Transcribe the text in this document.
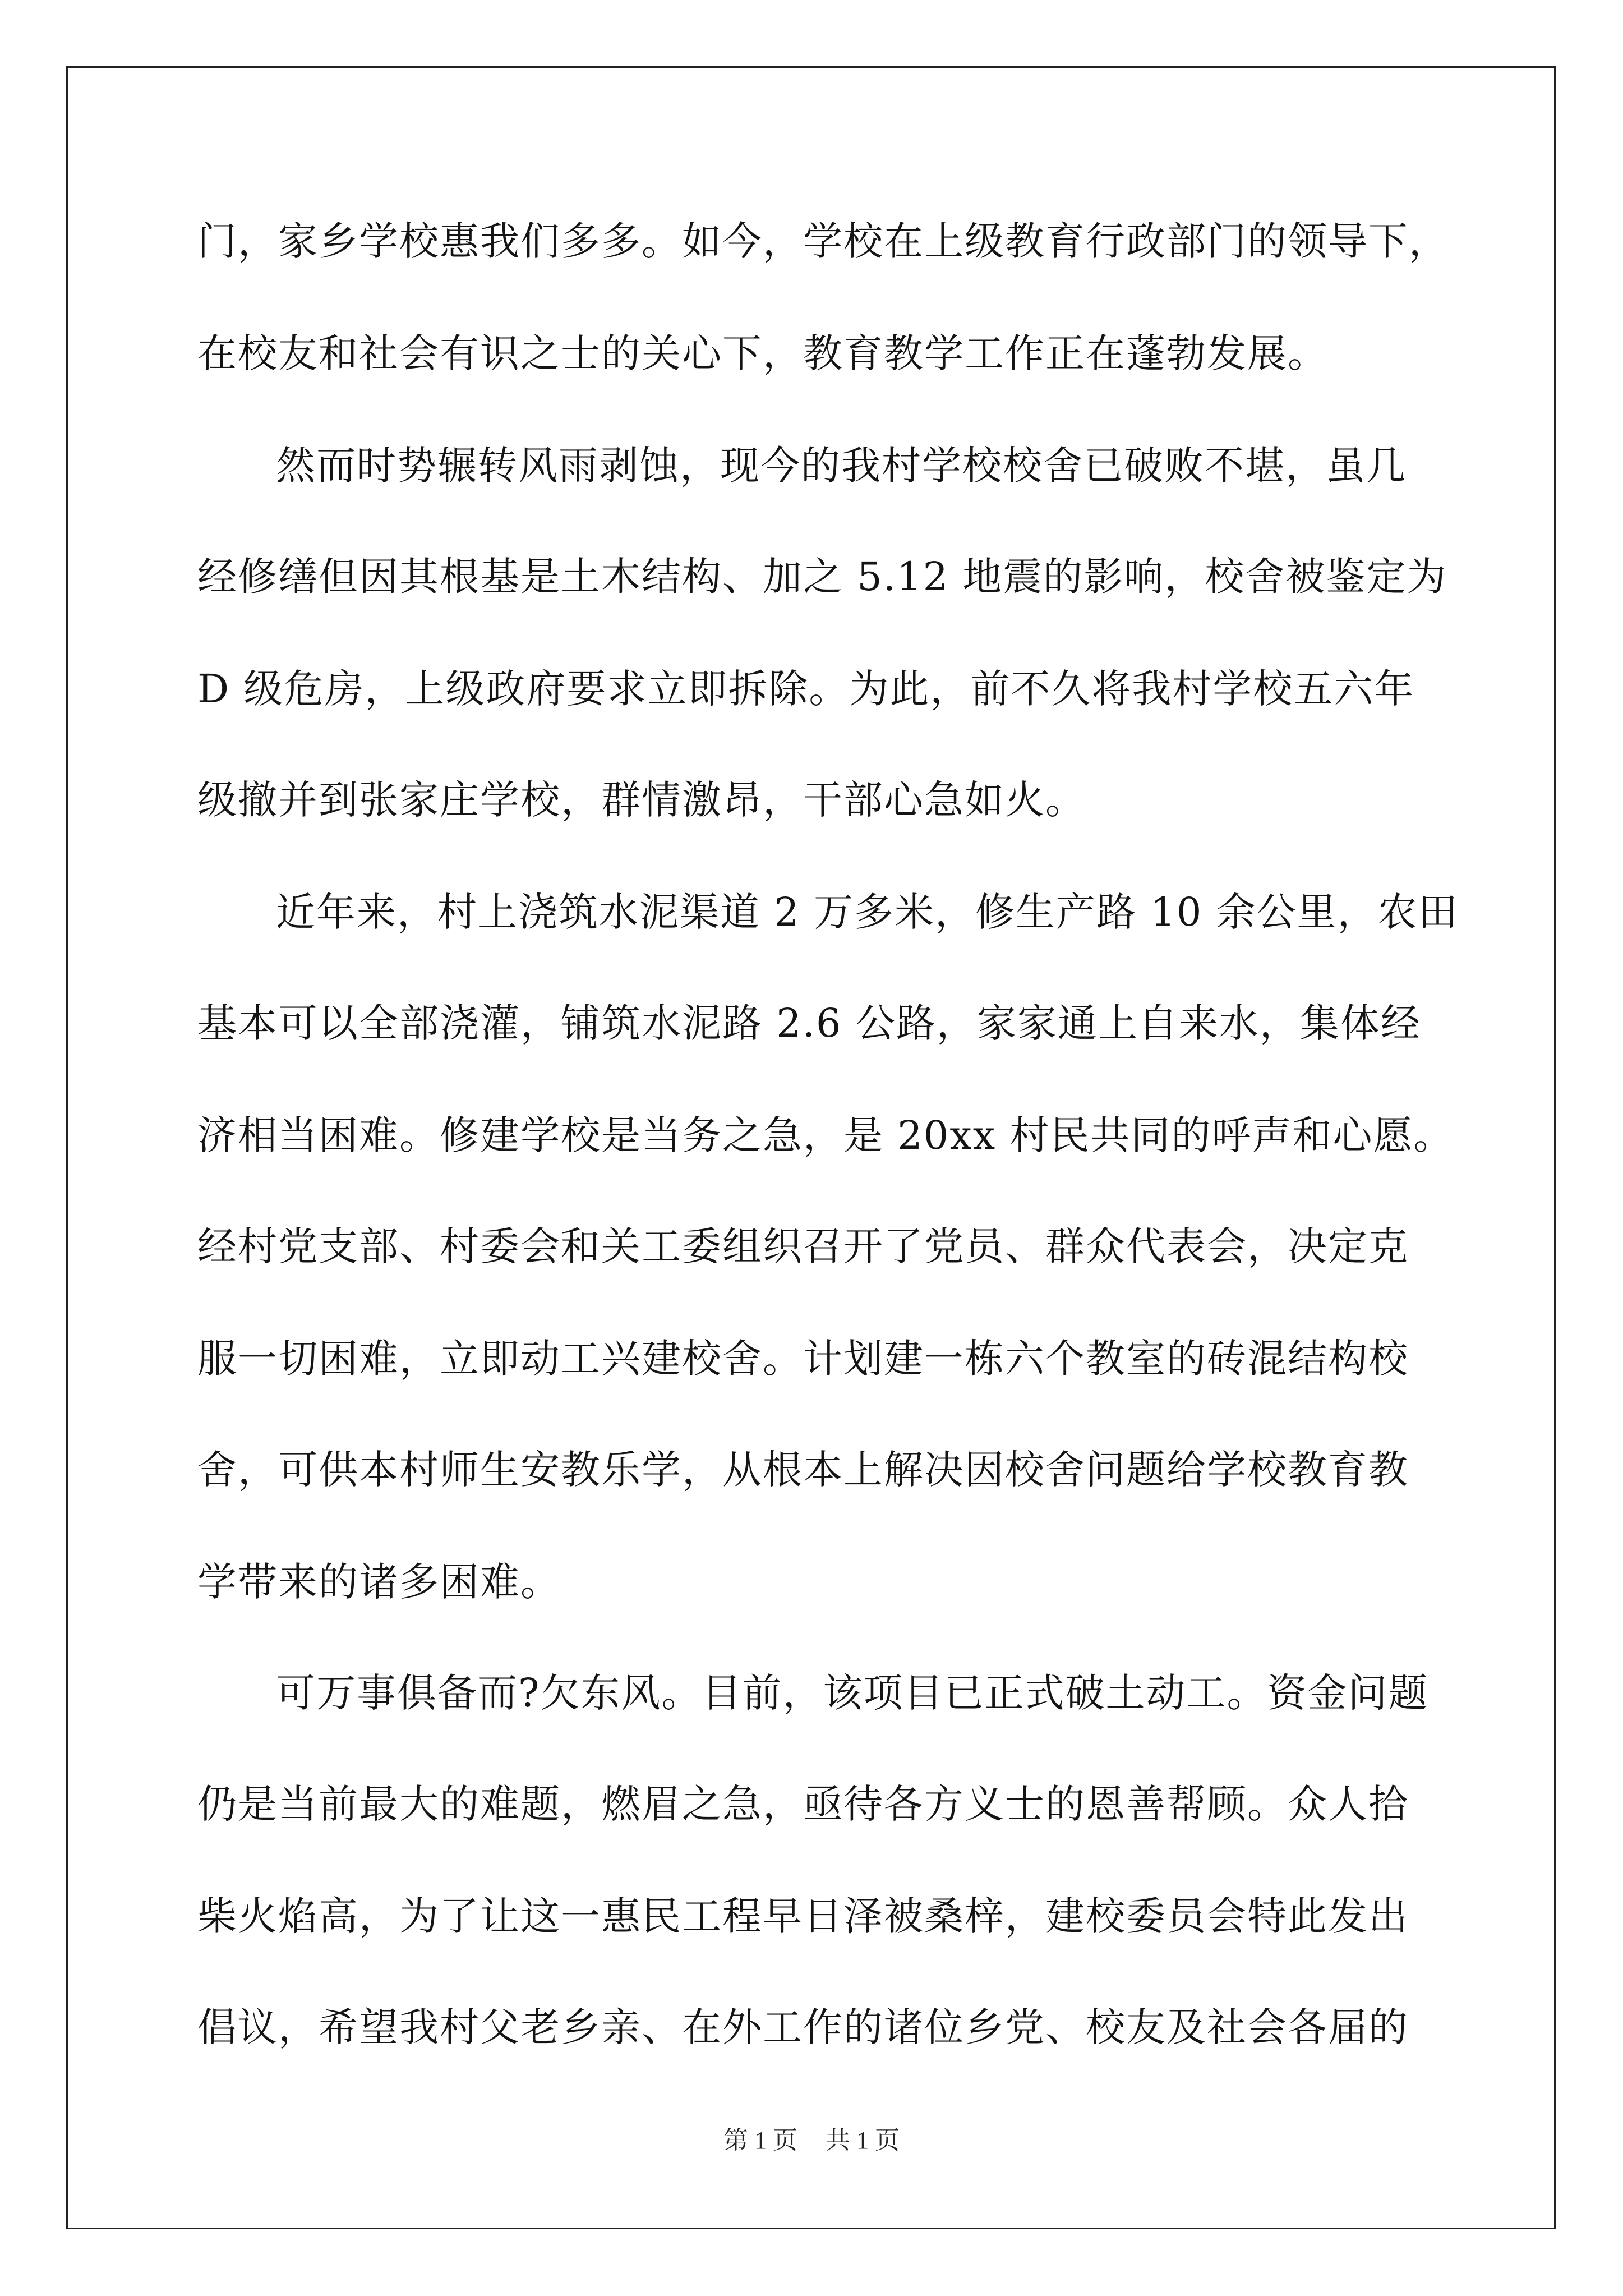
门，家乡学校惠我们多多。如今，学校在上级教育行政部门的领导下，
在校友和社会有识之士的关心下，教育教学工作正在蓬勃发展。
然而时势辗转风雨剥蚀，现今的我村学校校舍已破败不堪，虽几
经修缮但因其根基是土木结构、加之 5.12 地震的影响，校舍被鉴定为
D 级危房，上级政府要求立即拆除。为此，前不久将我村学校五六年
级撤并到张家庄学校，群情激昂，干部心急如火。
近年来，村上浇筑水泥渠道 2 万多米，修生产路 10 余公里，农田
基本可以全部浇灌，铺筑水泥路 2.6 公路，家家通上自来水，集体经
济相当困难。修建学校是当务之急，是 20xx 村民共同的呼声和心愿。
经村党支部、村委会和关工委组织召开了党员、群众代表会，决定克
服一切困难，立即动工兴建校舍。计划建一栋六个教室的砖混结构校
舍，可供本村师生安教乐学，从根本上解决因校舍问题给学校教育教
学带来的诸多困难。
可万事俱备而?欠东风。目前，该项目已正式破土动工。资金问题
仍是当前最大的难题，燃眉之急，亟待各方义士的恩善帮顾。众人拾
柴火焰高，为了让这一惠民工程早日泽被桑梓，建校委员会特此发出
倡议，希望我村父老乡亲、在外工作的诸位乡党、校友及社会各届的
第 1 页 共 1 页
